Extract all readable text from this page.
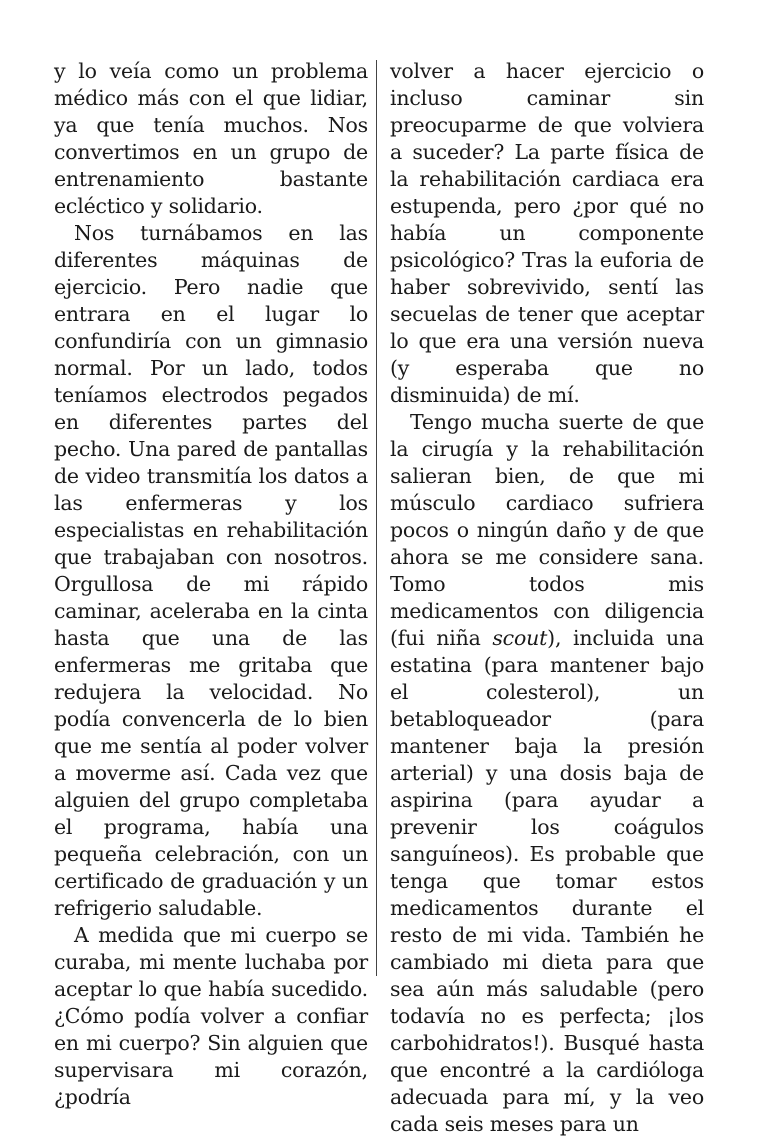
y lo veía como un problema médico más con el que lidiar, ya que tenía muchos. Nos convertimos en un grupo de entrenamiento bastante ecléctico y solidario.

Nos turnábamos en las diferentes máquinas de ejercicio. Pero nadie que entrara en el lugar lo confundiría con un gimnasio normal. Por un lado, todos teníamos electrodos pegados en diferentes partes del pecho. Una pared de pantallas de video transmitía los datos a las enfermeras y los especialistas en rehabilitación que trabajaban con nosotros. Orgullosa de mi rápido caminar, aceleraba en la cinta hasta que una de las enfermeras me gritaba que redujera la velocidad. No podía convencerla de lo bien que me sentía al poder volver a moverme así. Cada vez que alguien del grupo completaba el programa, había una pequeña celebración, con un certificado de graduación y un refrigerio saludable.

A medida que mi cuerpo se curaba, mi mente luchaba por aceptar lo que había sucedido. ¿Cómo podía volver a confiar en mi cuerpo? Sin alguien que supervisara mi corazón, ¿podría

volver a hacer ejercicio o incluso caminar sin preocuparme de que volviera a suceder? La parte física de la rehabilitación cardiaca era estupenda, pero ¿por qué no había un componente psicológico? Tras la euforia de haber sobrevivido, sentí las secuelas de tener que aceptar lo que era una versión nueva (y esperaba que no disminuida) de mí.

Tengo mucha suerte de que la cirugía y la rehabilitación salieran bien, de que mi músculo cardiaco sufriera pocos o ningún daño y de que ahora se me considere sana. Tomo todos mis medicamentos con diligencia (fui niña scout), incluida una estatina (para mantener bajo el colesterol), un betabloqueador (para mantener baja la presión arterial) y una dosis baja de aspirina (para ayudar a prevenir los coágulos sanguíneos). Es probable que tenga que tomar estos medicamentos durante el resto de mi vida. También he cambiado mi dieta para que sea aún más saludable (pero todavía no es perfecta; ¡los carbohidratos!). Busqué hasta que encontré a la cardióloga adecuada para mí, y la veo cada seis meses para un
